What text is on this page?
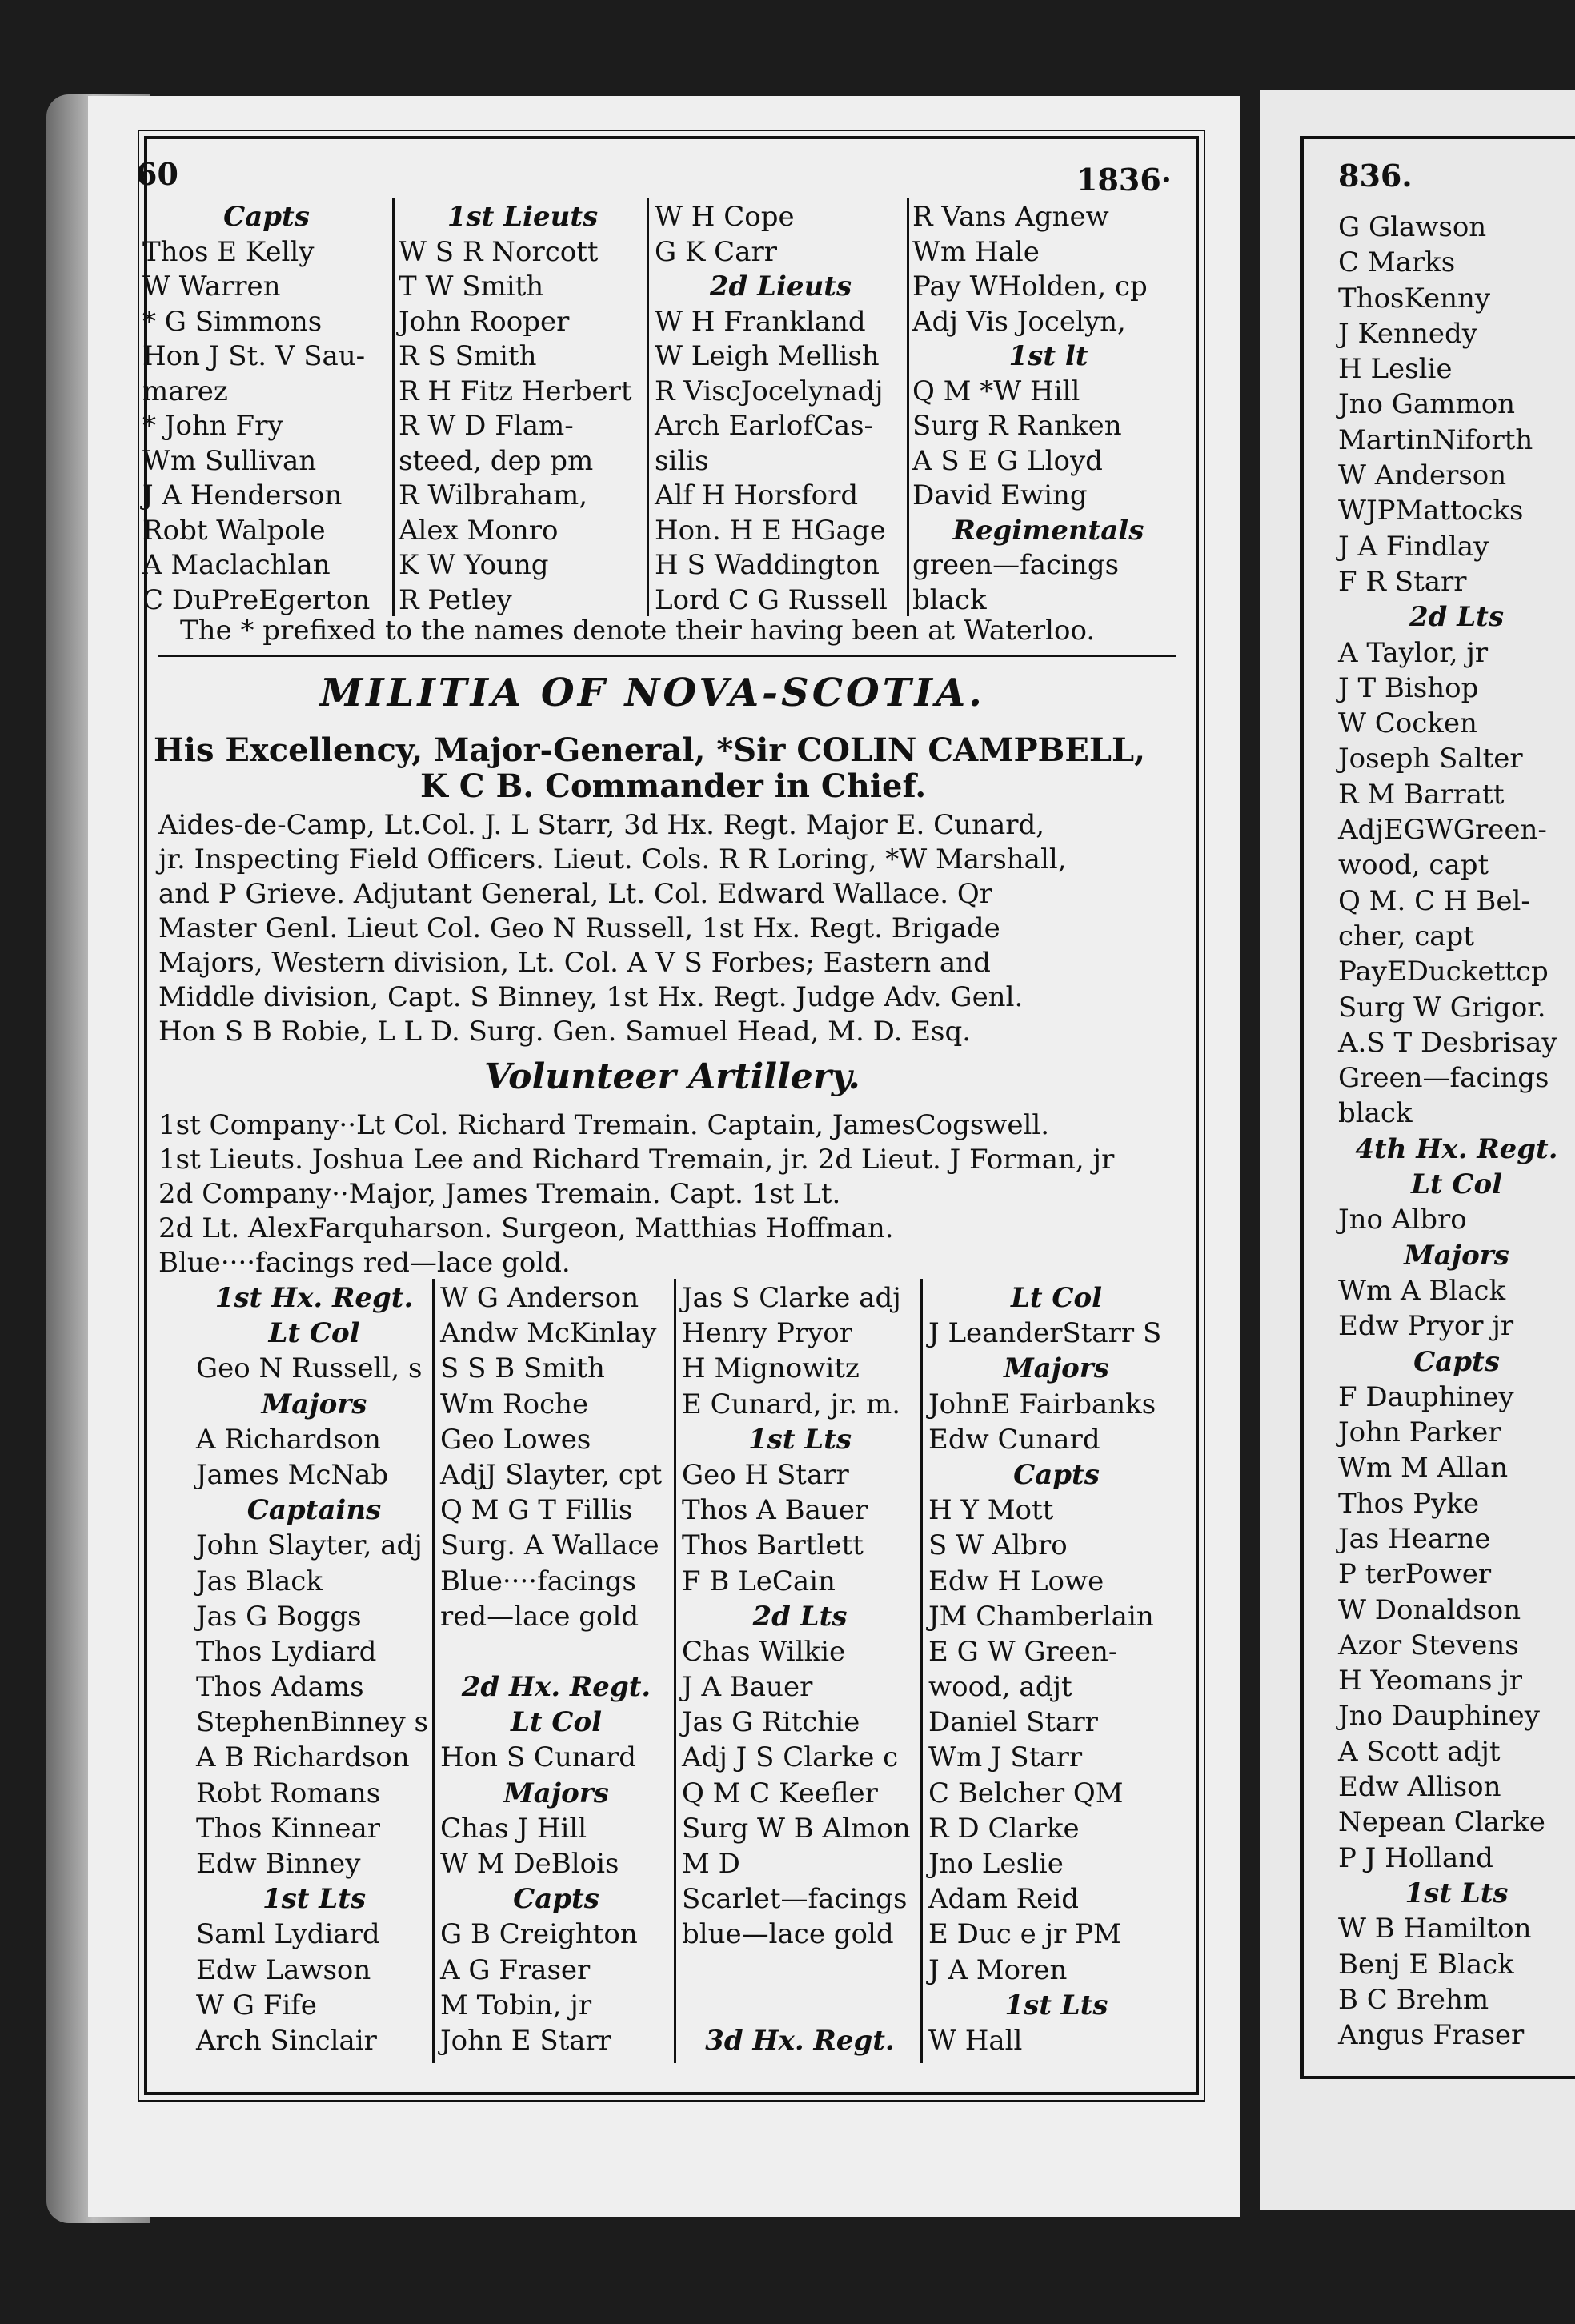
60	1836·
Capts
Thos E Kelly
W Warren
* G Simmons
Hon J St. V Sau-
marez
* John Fry
Wm Sullivan
J A Henderson
Robt Walpole
A Maclachlan
C DuPreEgerton
1st Lieuts
W S R Norcott
T W Smith
John Rooper
R S Smith
R H Fitz Herbert
R W D Flam-
steed, dep pm
R Wilbraham,
Alex Monro
K W Young
R Petley
W H Cope
G K Carr
2d Lieuts
W H Frankland
W Leigh Mellish
R ViscJocelynadj
Arch EarlofCas-
silis
Alf H Horsford
Hon. H E HGage
H S Waddington
Lord C G Russell
R Vans Agnew
Wm Hale
Pay WHolden, cp
Adj Vis Jocelyn,
1st lt
Q M *W Hill
Surg R Ranken
A S E G Lloyd
David Ewing
Regimentals
green—facings
black
The * prefixed to the names denote their having been at Waterloo.
MILITIA OF NOVA-SCOTIA.
His Excellency, Major-General, *Sir COLIN CAMPBELL,
K C B. Commander in Chief.

Aides-de-Camp, Lt.Col. J. L Starr, 3d Hx. Regt. Major E. Cunard,

jr. Inspecting Field Officers. Lieut. Cols. R R Loring, *W Marshall,

and P Grieve. Adjutant General, Lt. Col. Edward Wallace. Qr

Master Genl. Lieut Col. Geo N Russell, 1st Hx. Regt. Brigade

Majors, Western division, Lt. Col. A V S Forbes; Eastern and

Middle division, Capt. S Binney, 1st Hx. Regt. Judge Adv. Genl.

Hon S B Robie, L L D. Surg. Gen. Samuel Head, M. D. Esq.

Volunteer Artillery.

1st Company··Lt Col. Richard Tremain. Captain, JamesCogswell.

1st Lieuts. Joshua Lee and Richard Tremain, jr. 2d Lieut. J Forman, jr

2d Company··Major, James Tremain. Capt. 1st Lt.

2d Lt. AlexFarquharson. Surgeon, Matthias Hoffman.

Blue····facings red—lace gold.

1st Hx. Regt.
Lt Col
Geo N Russell, s
Majors
A Richardson
James McNab
Captains
John Slayter, adj
Jas Black
Jas G Boggs
Thos Lydiard
Thos Adams
StephenBinney s
A B Richardson
Robt Romans
Thos Kinnear
Edw Binney
1st Lts
Saml Lydiard
Edw Lawson
W G Fife
Arch Sinclair
W G Anderson
Andw McKinlay
S S B Smith
Wm Roche
Geo Lowes
AdjJ Slayter, cpt
Q M G T Fillis
Surg. A Wallace
Blue····facings
red—lace gold
2d Hx. Regt.
Lt Col
Hon S Cunard
Majors
Chas J Hill
W M DeBlois
Capts
G B Creighton
A G Fraser
M Tobin, jr
John E Starr
Jas S Clarke adj
Henry Pryor
H Mignowitz
E Cunard, jr. m.
1st Lts
Geo H Starr
Thos A Bauer
Thos Bartlett
F B LeCain
2d Lts
Chas Wilkie
J A Bauer
Jas G Ritchie
Adj J S Clarke c
Q M C Keefler
Surg W B Almon
M D
Scarlet—facings
blue—lace gold
3d Hx. Regt.
Lt Col
J LeanderStarr S
Majors
JohnE Fairbanks
Edw Cunard
Capts
H Y Mott
S W Albro
Edw H Lowe
JM Chamberlain
E G W Green-
wood, adjt
Daniel Starr
Wm J Starr
C Belcher QM
R D Clarke
Jno Leslie
Adam Reid
E Duc e jr PM
J A Moren
1st Lts
W Hall
836.
G Glawson
C Marks
ThosKenny
J Kennedy
H Leslie
Jno Gammon
MartinNiforth
W Anderson
WJPMattocks
J A Findlay
F R Starr
2d Lts
A Taylor, jr
J T Bishop
W Cocken
Joseph Salter
R M Barratt
AdjEGWGreen-
wood, capt
Q M. C H Bel-
cher, capt
PayEDuckettcp
Surg W Grigor.
A.S T Desbrisay
Green—facings
black
4th Hx. Regt.
Lt Col
Jno Albro
Majors
Wm A Black
Edw Pryor jr
Capts
F Dauphiney
John Parker
Wm M Allan
Thos Pyke
Jas Hearne
P terPower
W Donaldson
Azor Stevens
H Yeomans jr
Jno Dauphiney
A Scott adjt
Edw Allison
Nepean Clarke
P J Holland
1st Lts
W B Hamilton
Benj E Black
B C Brehm
Angus Fraser
